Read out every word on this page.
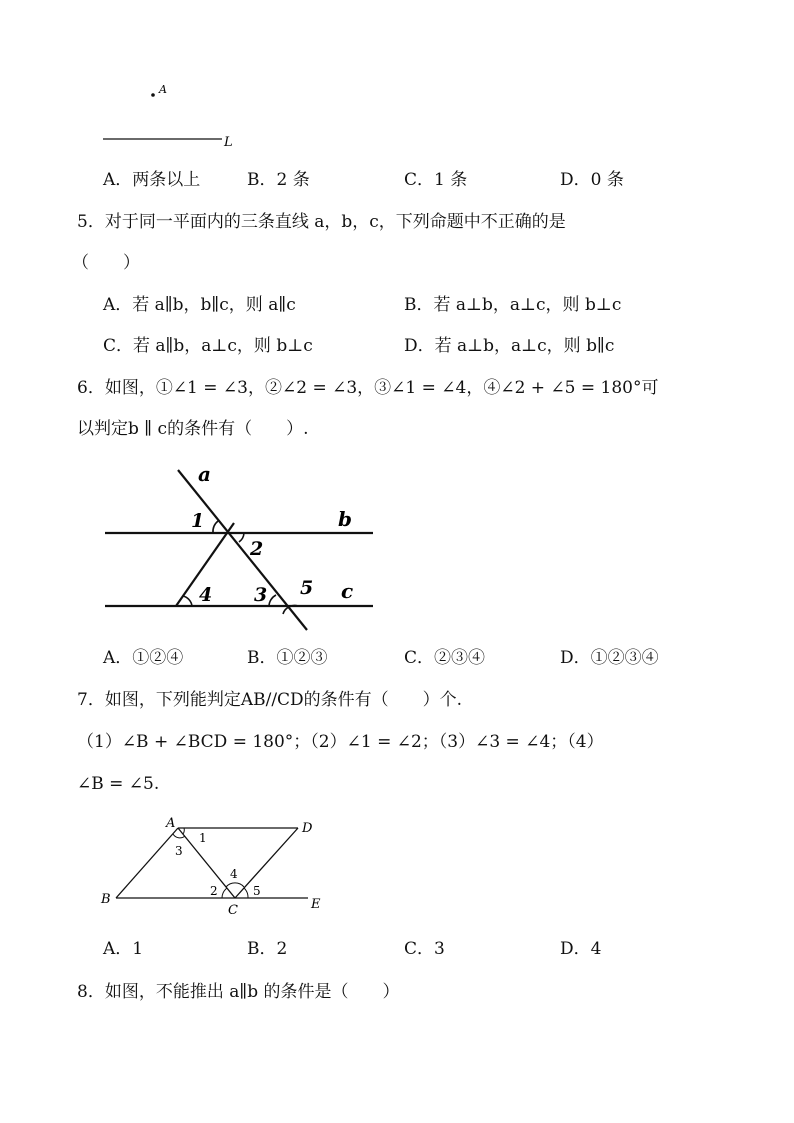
A
L
A．两条以上	B．2 条	C．1 条	D．0 条
5．对于同一平面内的三条直线 a，b，c，下列命题中不正确的是
（　　）
A．若 a∥b，b∥c，则 a∥c	B．若 a⊥b，a⊥c，则 b⊥c
C．若 a∥b，a⊥c，则 b⊥c	D．若 a⊥b，a⊥c，则 b∥c
6．如图，①∠1 = ∠3，②∠2 = ∠3，③∠1 = ∠4，④∠2 + ∠5 = 180°可
以判定b ∥ c的条件有（　　）.
a
b
c
1
2
3
4	5
A．①②④	B．①②③	C．②③④	D．①②③④
7．如图，下列能判定AB//CD的条件有（　　）个.
（1）∠B + ∠BCD = 180°；（2）∠1 = ∠2；（3）∠3 = ∠4；（4）
∠B = ∠5.
A	D
B
C	E
1
3
4
2	5
A．1	B．2	C．3	D．4
8．如图，不能推出 a∥b 的条件是（　　）
